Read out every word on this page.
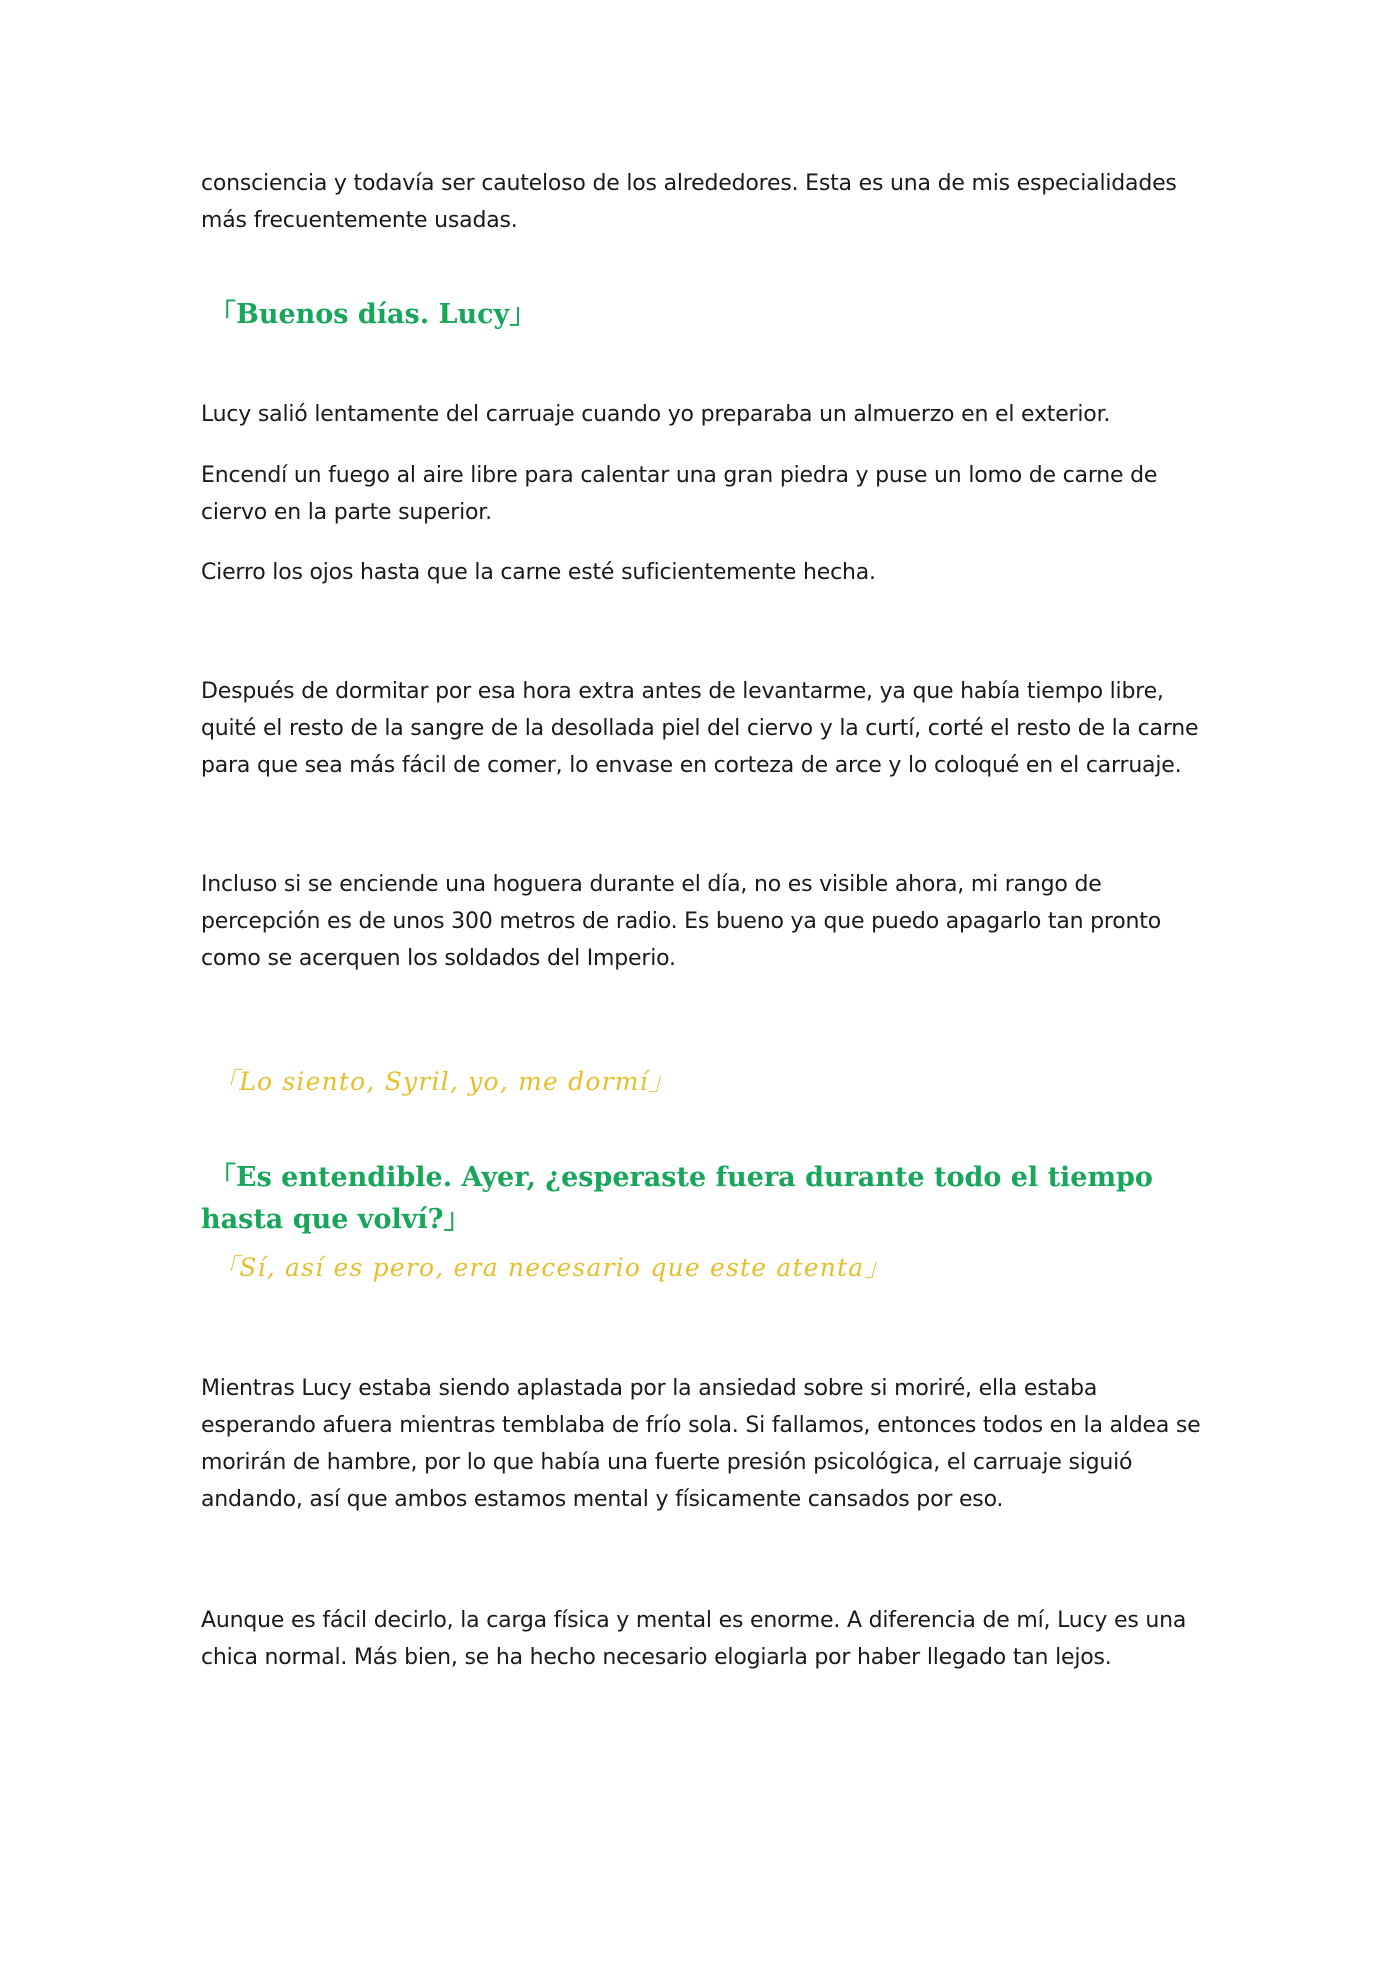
consciencia y todavía ser cauteloso de los alrededores. Esta es una de mis especialidades más frecuentemente usadas.

「Buenos días. Lucy」

Lucy salió lentamente del carruaje cuando yo preparaba un almuerzo en el exterior.

Encendí un fuego al aire libre para calentar una gran piedra y puse un lomo de carne de ciervo en la parte superior.

Cierro los ojos hasta que la carne esté suficientemente hecha.

Después de dormitar por esa hora extra antes de levantarme, ya que había tiempo libre, quité el resto de la sangre de la desollada piel del ciervo y la curtí, corté el resto de la carne para que sea más fácil de comer, lo envase en corteza de arce y lo coloqué en el carruaje.

Incluso si se enciende una hoguera durante el día, no es visible ahora, mi rango de percepción es de unos 300 metros de radio. Es bueno ya que puedo apagarlo tan pronto como se acerquen los soldados del Imperio.

「Lo siento, Syril, yo, me dormí」

「Es entendible. Ayer, ¿esperaste fuera durante todo el tiempo hasta que volví?」

「Sí, así es pero, era necesario que este atenta」

Mientras Lucy estaba siendo aplastada por la ansiedad sobre si moriré, ella estaba esperando afuera mientras temblaba de frío sola. Si fallamos, entonces todos en la aldea se morirán de hambre, por lo que había una fuerte presión psicológica, el carruaje siguió andando, así que ambos estamos mental y físicamente cansados por eso.

Aunque es fácil decirlo, la carga física y mental es enorme. A diferencia de mí, Lucy es una chica normal. Más bien, se ha hecho necesario elogiarla por haber llegado tan lejos.
